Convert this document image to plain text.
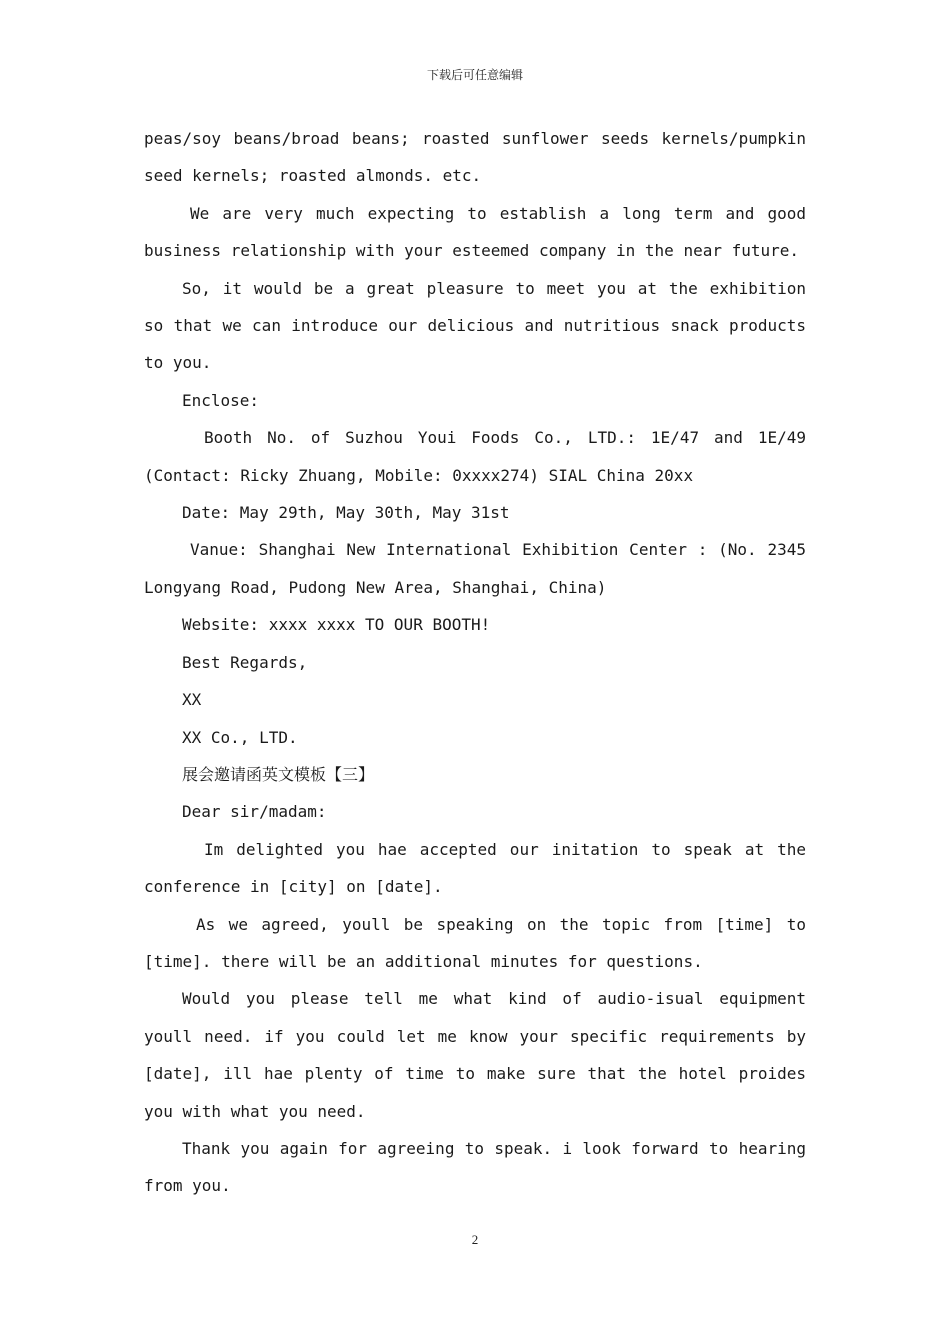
下载后可任意编辑

peas/soy beans/broad beans; roasted sunflower seeds kernels/pumpkin seed kernels; roasted almonds. etc.

We are very much expecting to establish a long term and good business relationship with your esteemed company in the near future.

So, it would be a great pleasure to meet you at the exhibition so that we can introduce our delicious and nutritious snack products to you.

Enclose:

Booth No. of Suzhou Youi Foods Co., LTD.: 1E/47 and 1E/49 (Contact: Ricky Zhuang, Mobile: 0xxxx274) SIAL China 20xx

Date: May 29th, May 30th, May 31st

Vanue: Shanghai New International Exhibition Center : (No. 2345 Longyang Road, Pudong New Area, Shanghai, China)

Website: xxxx xxxx TO OUR BOOTH!

Best Regards,

XX

XX Co., LTD.

展会邀请函英文模板【三】

Dear sir/madam:

Im delighted you hae accepted our initation to speak at the conference in [city] on [date].

As we agreed, youll be speaking on the topic from [time] to [time]. there will be an additional minutes for questions.

Would you please tell me what kind of audio-isual equipment youll need. if you could let me know your specific requirements by [date], ill hae plenty of time to make sure that the hotel proides you with what you need.

Thank you again for agreeing to speak. i look forward to hearing from you.

2
